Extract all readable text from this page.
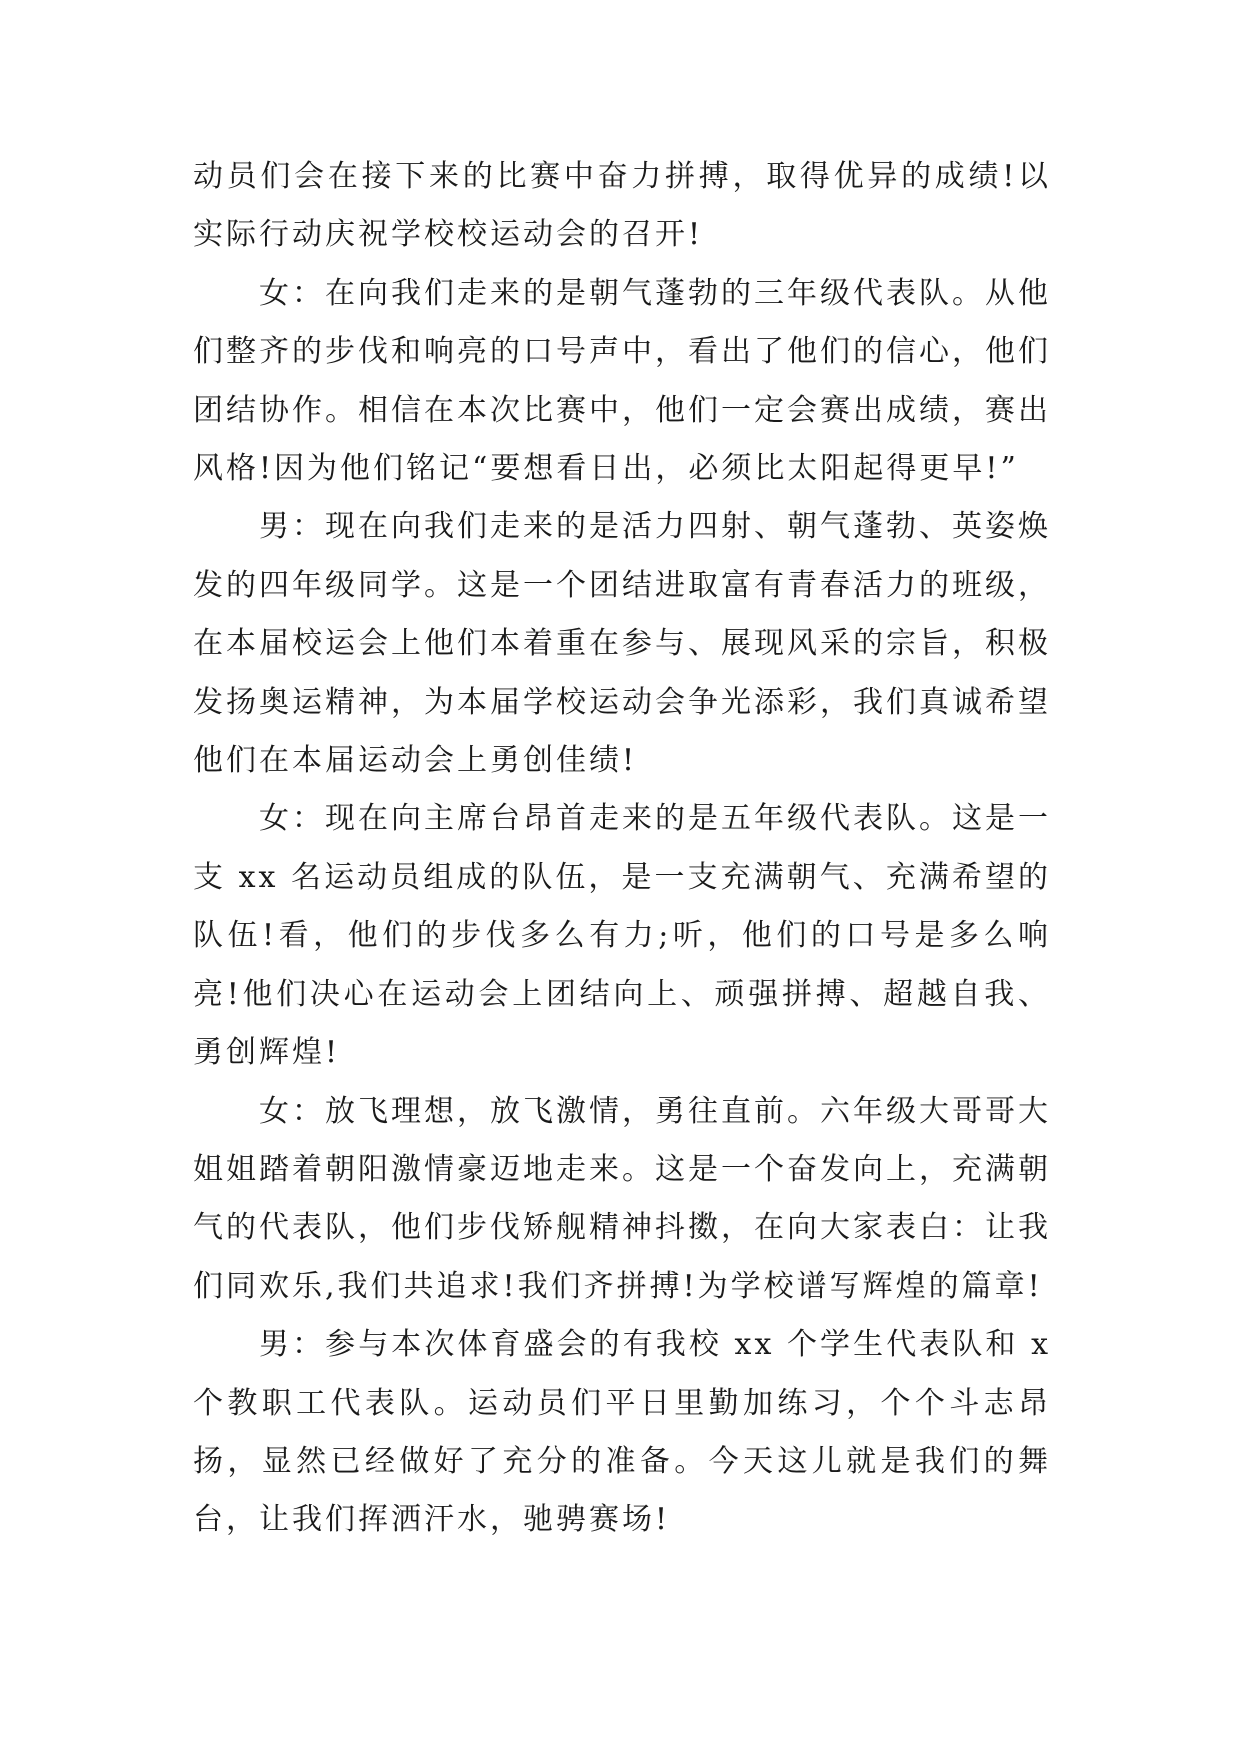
动员们会在接下来的比赛中奋力拼搏，取得优异的成绩!以实际行动庆祝学校校运动会的召开!

女：在向我们走来的是朝气蓬勃的三年级代表队。从他们整齐的步伐和响亮的口号声中，看出了他们的信心，他们团结协作。相信在本次比赛中，他们一定会赛出成绩，赛出风格!因为他们铭记“要想看日出，必须比太阳起得更早!”

男：现在向我们走来的是活力四射、朝气蓬勃、英姿焕发的四年级同学。这是一个团结进取富有青春活力的班级，在本届校运会上他们本着重在参与、展现风采的宗旨，积极发扬奥运精神，为本届学校运动会争光添彩，我们真诚希望他们在本届运动会上勇创佳绩!

女：现在向主席台昂首走来的是五年级代表队。这是一支 xx 名运动员组成的队伍，是一支充满朝气、充满希望的队伍!看，他们的步伐多么有力;听，他们的口号是多么响亮!他们决心在运动会上团结向上、顽强拼搏、超越自我、勇创辉煌!

女：放飞理想，放飞激情，勇往直前。六年级大哥哥大姐姐踏着朝阳激情豪迈地走来。这是一个奋发向上，充满朝气的代表队，他们步伐矫舰精神抖擞，在向大家表白：让我们同欢乐,我们共追求!我们齐拼搏!为学校谱写辉煌的篇章!

男：参与本次体育盛会的有我校 xx 个学生代表队和 x 个教职工代表队。运动员们平日里勤加练习，个个斗志昂扬，显然已经做好了充分的准备。今天这儿就是我们的舞台，让我们挥洒汗水，驰骋赛场!
